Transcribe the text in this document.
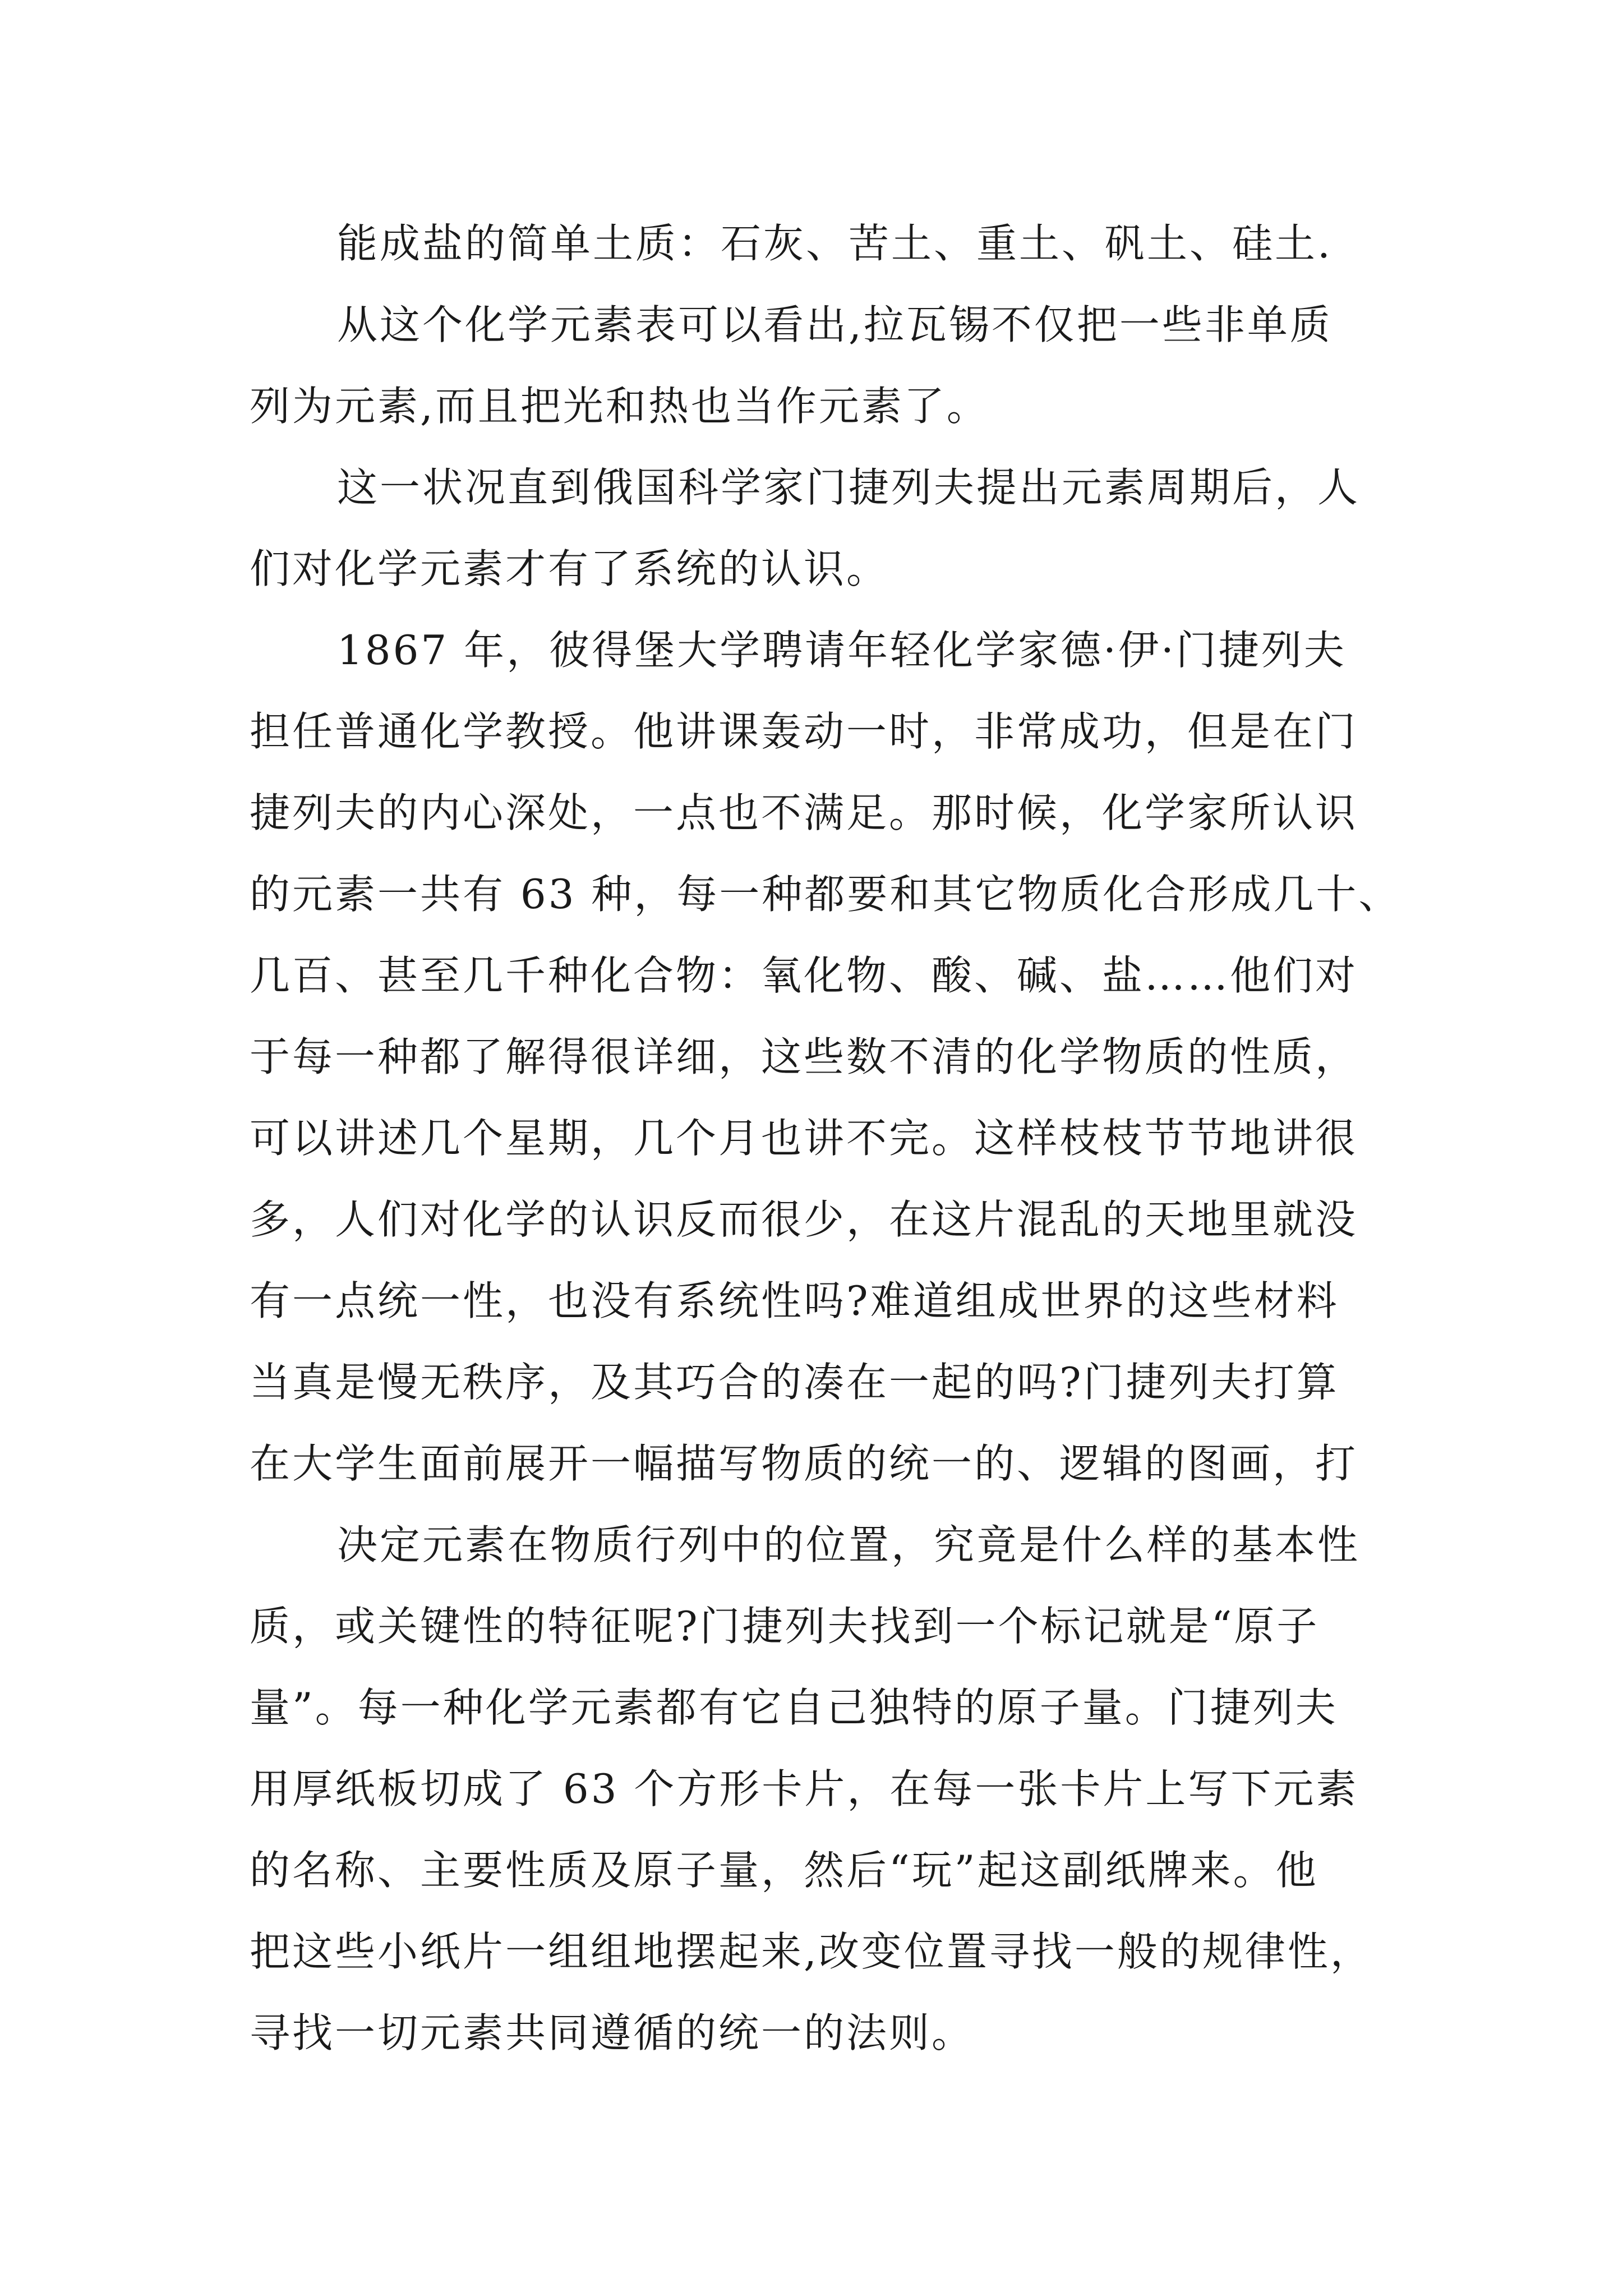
能成盐的简单土质：石灰、苦土、重土、矾土、硅土.
从这个化学元素表可以看出,拉瓦锡不仅把一些非单质
列为元素,而且把光和热也当作元素了。
这一状况直到俄国科学家门捷列夫提出元素周期后，人
们对化学元素才有了系统的认识。
1867 年，彼得堡大学聘请年轻化学家德·伊·门捷列夫
担任普通化学教授。他讲课轰动一时，非常成功，但是在门
捷列夫的内心深处，一点也不满足。那时候，化学家所认识
的元素一共有 63 种，每一种都要和其它物质化合形成几十、
几百、甚至几千种化合物：氧化物、酸、碱、盐……他们对
于每一种都了解得很详细，这些数不清的化学物质的性质，
可以讲述几个星期，几个月也讲不完。这样枝枝节节地讲很
多，人们对化学的认识反而很少，在这片混乱的天地里就没
有一点统一性，也没有系统性吗?难道组成世界的这些材料
当真是慢无秩序，及其巧合的凑在一起的吗?门捷列夫打算
在大学生面前展开一幅描写物质的统一的、逻辑的图画，打
决定元素在物质行列中的位置，究竟是什么样的基本性
质，或关键性的特征呢?门捷列夫找到一个标记就是“原子
量”。每一种化学元素都有它自己独特的原子量。门捷列夫
用厚纸板切成了 63 个方形卡片，在每一张卡片上写下元素
的名称、主要性质及原子量，然后“玩”起这副纸牌来。他
把这些小纸片一组组地摆起来,改变位置寻找一般的规律性，
寻找一切元素共同遵循的统一的法则。
